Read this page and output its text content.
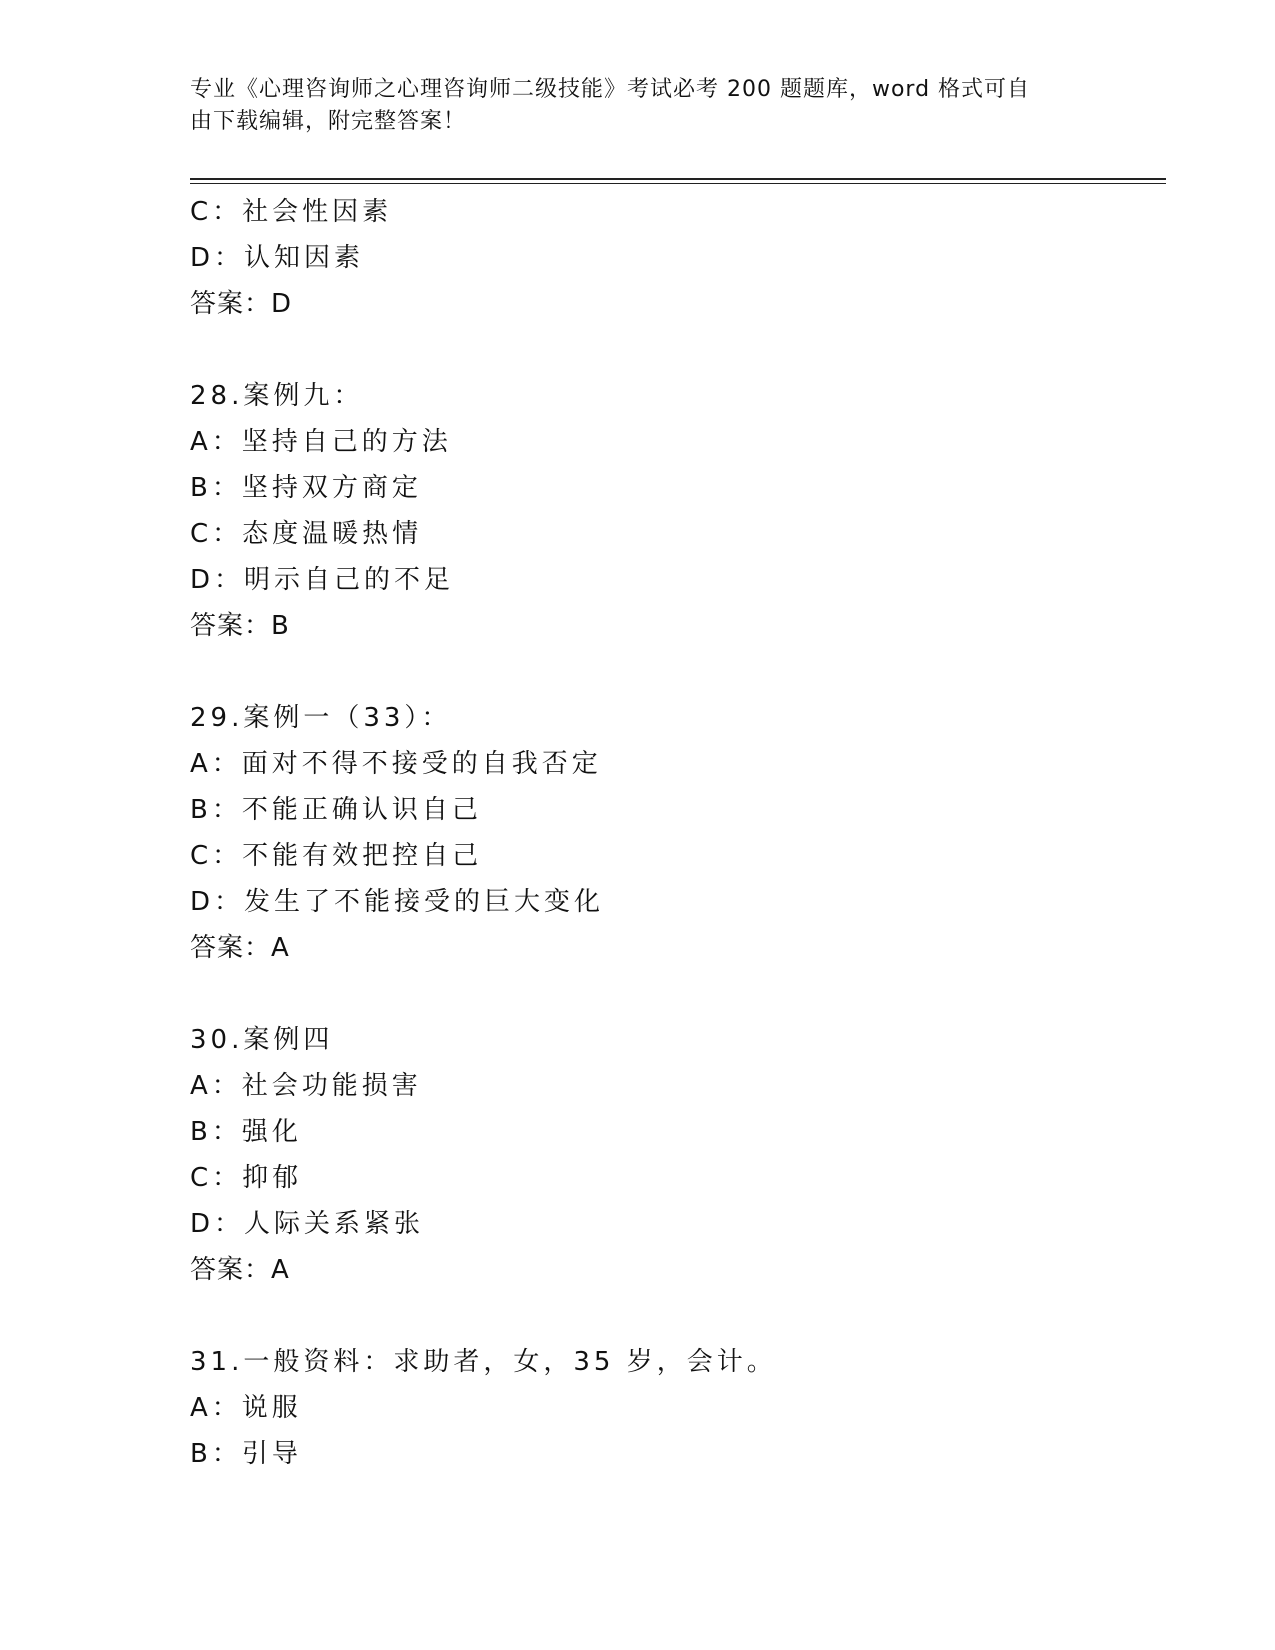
专业《心理咨询师之心理咨询师二级技能》考试必考 200 题题库，word 格式可自
由下载编辑，附完整答案！
C：社会性因素
D：认知因素
答案：D
28.案例九：
A：坚持自己的方法
B：坚持双方商定
C：态度温暖热情
D：明示自己的不足
答案：B
29.案例一（33）：
A：面对不得不接受的自我否定
B：不能正确认识自己
C：不能有效把控自己
D：发生了不能接受的巨大变化
答案：A
30.案例四
A：社会功能损害
B：强化
C：抑郁
D：人际关系紧张
答案：A
31.一般资料：求助者，女，35 岁，会计。
A：说服
B：引导
